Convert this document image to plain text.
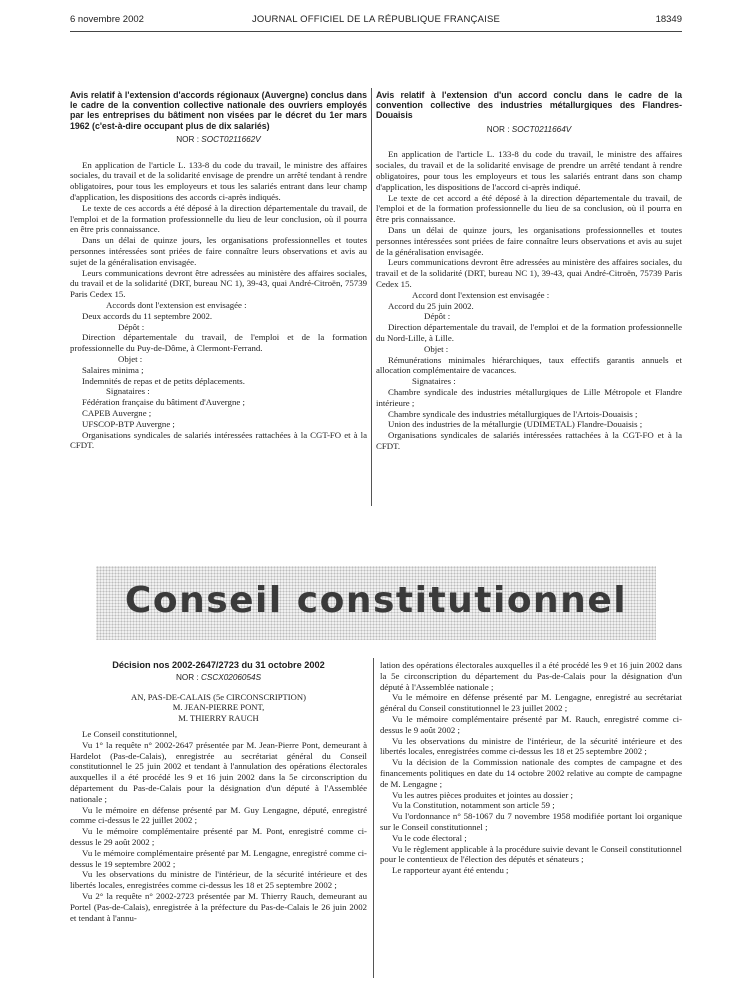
6 novembre 2002	JOURNAL OFFICIEL DE LA RÉPUBLIQUE FRANÇAISE	18349
Avis relatif à l'extension d'accords régionaux (Auvergne) conclus dans le cadre de la convention collective nationale des ouvriers employés par les entreprises du bâtiment non visées par le décret du 1er mars 1962 (c'est-à-dire occupant plus de dix salariés)
NOR : SOCT0211662V

En application de l'article L. 133-8 du code du travail, le ministre des affaires sociales, du travail et de la solidarité envisage de prendre un arrêté tendant à rendre obligatoires, pour tous les employeurs et tous les salariés entrant dans leur champ d'application, les dispositions des accords ci-après indiqués.

Le texte de ces accords a été déposé à la direction départementale du travail, de l'emploi et de la formation professionnelle du lieu de leur conclusion, où il pourra en être pris connaissance.

Dans un délai de quinze jours, les organisations professionnelles et toutes personnes intéressées sont priées de faire connaître leurs observations et avis au sujet de la généralisation envisagée.

Leurs communications devront être adressées au ministère des affaires sociales, du travail et de la solidarité (DRT, bureau NC 1), 39-43, quai André-Citroën, 75739 Paris Cedex 15.

Accords dont l'extension est envisagée :

Deux accords du 11 septembre 2002.

Dépôt :

Direction départementale du travail, de l'emploi et de la formation professionnelle du Puy-de-Dôme, à Clermont-Ferrand.

Objet :

Salaires minima ;

Indemnités de repas et de petits déplacements.

Signataires :

Fédération française du bâtiment d'Auvergne ;

CAPEB Auvergne ;

UFSCOP-BTP Auvergne ;

Organisations syndicales de salariés intéressées rattachées à la CGT-FO et à la CFDT.

Avis relatif à l'extension d'un accord conclu dans le cadre de la convention collective des industries métallurgiques des Flandres-Douaisis
NOR : SOCT0211664V

En application de l'article L. 133-8 du code du travail, le ministre des affaires sociales, du travail et de la solidarité envisage de prendre un arrêté tendant à rendre obligatoires, pour tous les employeurs et tous les salariés entrant dans son champ d'application, les dispositions de l'accord ci-après indiqué.

Le texte de cet accord a été déposé à la direction départementale du travail, de l'emploi et de la formation professionnelle du lieu de sa conclusion, où il pourra en être pris connaissance.

Dans un délai de quinze jours, les organisations professionnelles et toutes personnes intéressées sont priées de faire connaître leurs observations et avis au sujet de la généralisation envisagée.

Leurs communications devront être adressées au ministère des affaires sociales, du travail et de la solidarité (DRT, bureau NC 1), 39-43, quai André-Citroën, 75739 Paris Cedex 15.

Accord dont l'extension est envisagée :

Accord du 25 juin 2002.

Dépôt :

Direction départementale du travail, de l'emploi et de la formation professionnelle du Nord-Lille, à Lille.

Objet :

Rémunérations minimales hiérarchiques, taux effectifs garantis annuels et allocation complémentaire de vacances.

Signataires :

Chambre syndicale des industries métallurgiques de Lille Métropole et Flandre intérieure ;

Chambre syndicale des industries métallurgiques de l'Artois-Douaisis ;

Union des industries de la métallurgie (UDIMETAL) Flandre-Douaisis ;

Organisations syndicales de salariés intéressées rattachées à la CGT-FO et à la CFDT.

Conseil constitutionnel

Décision nos 2002-2647/2723 du 31 octobre 2002

NOR : CSCX0206054S

AN, PAS-DE-CALAIS (5e CIRCONSCRIPTION)

M. JEAN-PIERRE PONT,

M. THIERRY RAUCH

Le Conseil constitutionnel,

Vu 1° la requête n° 2002-2647 présentée par M. Jean-Pierre Pont, demeurant à Hardelot (Pas-de-Calais), enregistrée au secrétariat général du Conseil constitutionnel le 25 juin 2002 et tendant à l'annulation des opérations électorales auxquelles il a été procédé les 9 et 16 juin 2002 dans la 5e circonscription du département du Pas-de-Calais pour la désignation d'un député à l'Assemblée nationale ;

Vu le mémoire en défense présenté par M. Guy Lengagne, député, enregistré comme ci-dessus le 22 juillet 2002 ;

Vu le mémoire complémentaire présenté par M. Pont, enregistré comme ci-dessus le 29 août 2002 ;

Vu le mémoire complémentaire présenté par M. Lengagne, enregistré comme ci-dessus le 19 septembre 2002 ;

Vu les observations du ministre de l'intérieur, de la sécurité intérieure et des libertés locales, enregistrées comme ci-dessus les 18 et 25 septembre 2002 ;

Vu 2° la requête n° 2002-2723 présentée par M. Thierry Rauch, demeurant au Portel (Pas-de-Calais), enregistrée à la préfecture du Pas-de-Calais le 26 juin 2002 et tendant à l'annu-

lation des opérations électorales auxquelles il a été procédé les 9 et 16 juin 2002 dans la 5e circonscription du département du Pas-de-Calais pour la désignation d'un député à l'Assemblée nationale ;

Vu le mémoire en défense présenté par M. Lengagne, enregistré au secrétariat général du Conseil constitutionnel le 23 juillet 2002 ;

Vu le mémoire complémentaire présenté par M. Rauch, enregistré comme ci-dessus le 9 août 2002 ;

Vu les observations du ministre de l'intérieur, de la sécurité intérieure et des libertés locales, enregistrées comme ci-dessus les 18 et 25 septembre 2002 ;

Vu la décision de la Commission nationale des comptes de campagne et des financements politiques en date du 14 octobre 2002 relative au compte de campagne de M. Lengagne ;

Vu les autres pièces produites et jointes au dossier ;

Vu la Constitution, notamment son article 59 ;

Vu l'ordonnance n° 58-1067 du 7 novembre 1958 modifiée portant loi organique sur le Conseil constitutionnel ;

Vu le code électoral ;

Vu le règlement applicable à la procédure suivie devant le Conseil constitutionnel pour le contentieux de l'élection des députés et sénateurs ;

Le rapporteur ayant été entendu ;
